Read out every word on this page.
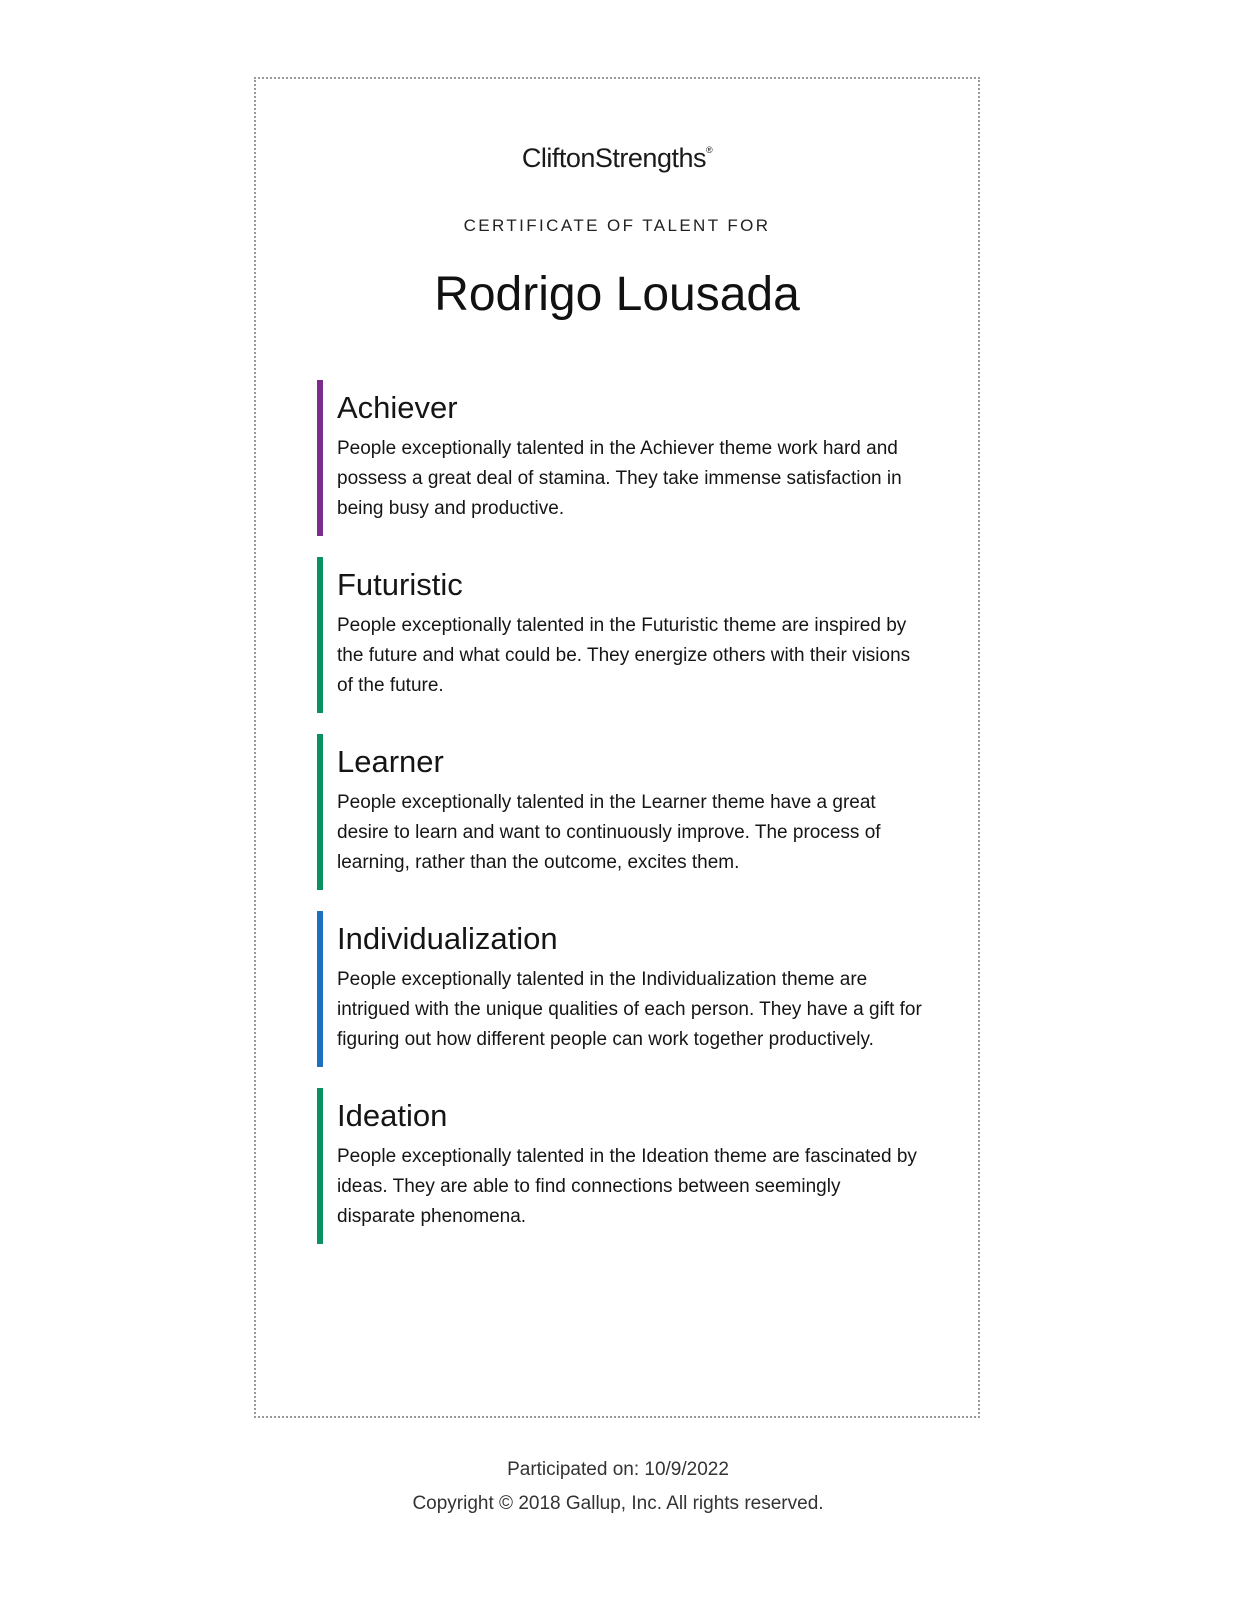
CliftonStrengths®
CERTIFICATE OF TALENT FOR
Rodrigo Lousada
Achiever
People exceptionally talented in the Achiever theme work hard and possess a great deal of stamina. They take immense satisfaction in being busy and productive.
Futuristic
People exceptionally talented in the Futuristic theme are inspired by the future and what could be. They energize others with their visions of the future.
Learner
People exceptionally talented in the Learner theme have a great desire to learn and want to continuously improve. The process of learning, rather than the outcome, excites them.
Individualization
People exceptionally talented in the Individualization theme are intrigued with the unique qualities of each person. They have a gift for figuring out how different people can work together productively.
Ideation
People exceptionally talented in the Ideation theme are fascinated by ideas. They are able to find connections between seemingly disparate phenomena.
Participated on: 10/9/2022
Copyright © 2018 Gallup, Inc. All rights reserved.
